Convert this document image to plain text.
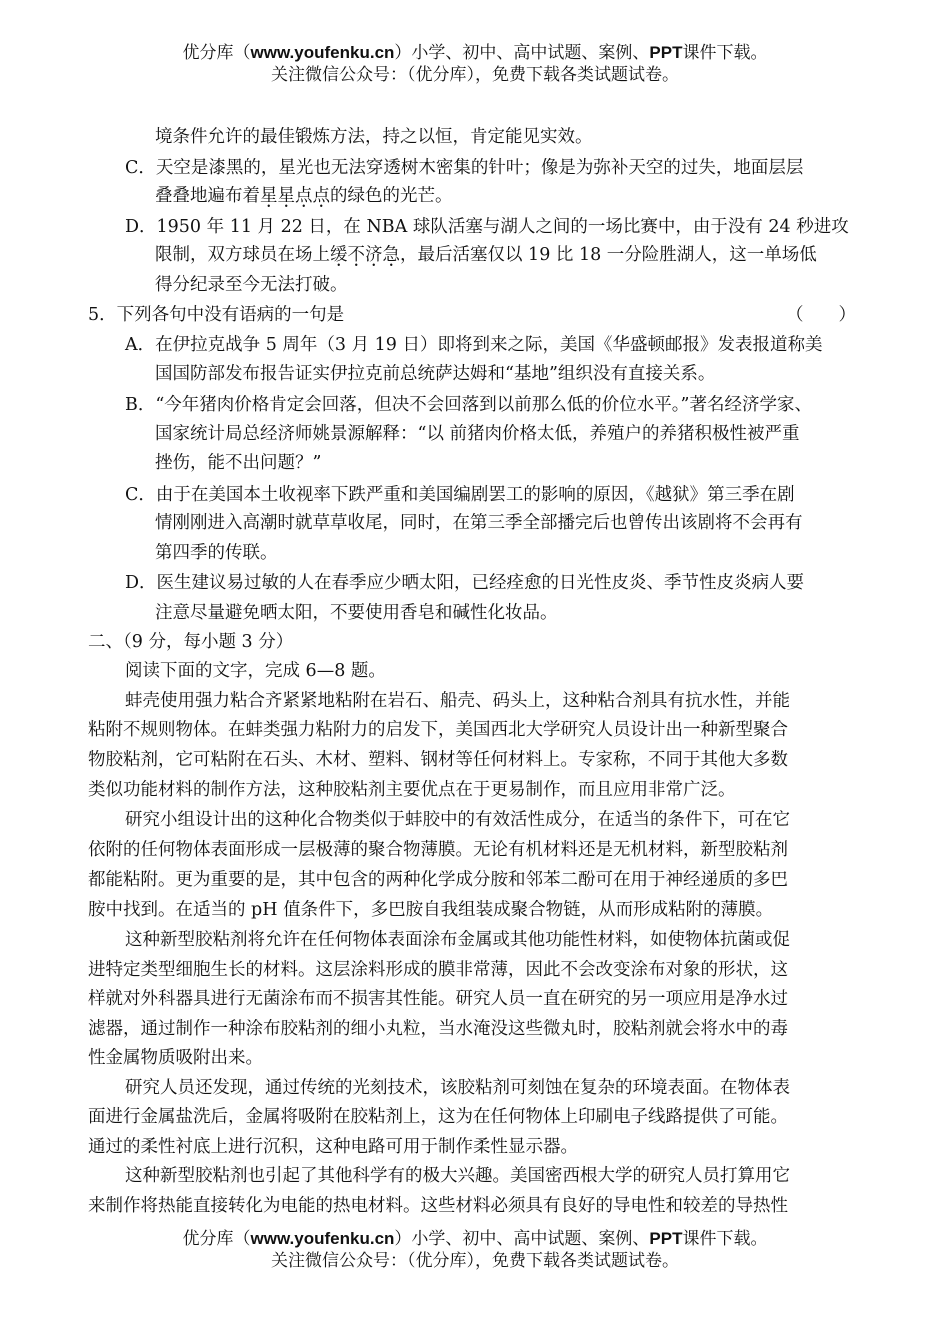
优分库（www.youfenku.cn）小学、初中、高中试题、案例、PPT课件下载。
关注微信公众号：（优分库），免费下载各类试题试卷。
境条件允许的最佳锻炼方法，持之以恒，肯定能见实效。
C．天空是漆黑的，星光也无法穿透树木密集的针叶；像是为弥补天空的过失，地面层层
叠叠地遍布着星星点点的绿色的光芒。
D．1950 年 11 月 22 日，在 NBA 球队活塞与湖人之间的一场比赛中，由于没有 24 秒进攻
限制，双方球员在场上缓不济急，最后活塞仅以 19 比 18 一分险胜湖人，这一单场低
得分纪录至今无法打破。
5．下列各句中没有语病的一句是	（　　）
A．在伊拉克战争 5 周年（3 月 19 日）即将到来之际，美国《华盛顿邮报》发表报道称美
国国防部发布报告证实伊拉克前总统萨达姆和“基地”组织没有直接关系。
B．“今年猪肉价格肯定会回落，但决不会回落到以前那么低的价位水平。”著名经济学家、
国家统计局总经济师姚景源解释：“以 前猪肉价格太低，养殖户的养猪积极性被严重
挫伤，能不出问题？”
C．由于在美国本土收视率下跌严重和美国编剧罢工的影响的原因，《越狱》第三季在剧
情刚刚进入高潮时就草草收尾，同时，在第三季全部播完后也曾传出该剧将不会再有
第四季的传联。
D．医生建议易过敏的人在春季应少晒太阳，已经痊愈的日光性皮炎、季节性皮炎病人要
注意尽量避免晒太阳，不要使用香皂和碱性化妆品。
二、（9 分，每小题 3 分）
阅读下面的文字，完成 6—8 题。
蚌壳使用强力粘合齐紧紧地粘附在岩石、船壳、码头上，这种粘合剂具有抗水性，并能
粘附不规则物体。在蚌类强力粘附力的启发下，美国西北大学研究人员设计出一种新型聚合
物胶粘剂，它可粘附在石头、木材、塑料、钢材等任何材料上。专家称，不同于其他大多数
类似功能材料的制作方法，这种胶粘剂主要优点在于更易制作，而且应用非常广泛。
研究小组设计出的这种化合物类似于蚌胶中的有效活性成分，在适当的条件下，可在它
依附的任何物体表面形成一层极薄的聚合物薄膜。无论有机材料还是无机材料，新型胶粘剂
都能粘附。更为重要的是，其中包含的两种化学成分胺和邻苯二酚可在用于神经递质的多巴
胺中找到。在适当的 pH 值条件下，多巴胺自我组装成聚合物链，从而形成粘附的薄膜。
这种新型胶粘剂将允许在任何物体表面涂布金属或其他功能性材料，如使物体抗菌或促
进特定类型细胞生长的材料。这层涂料形成的膜非常薄，因此不会改变涂布对象的形状，这
样就对外科器具进行无菌涂布而不损害其性能。研究人员一直在研究的另一项应用是净水过
滤器，通过制作一种涂布胶粘剂的细小丸粒，当水淹没这些微丸时，胶粘剂就会将水中的毒
性金属物质吸附出来。
研究人员还发现，通过传统的光刻技术，该胶粘剂可刻蚀在复杂的环境表面。在物体表
面进行金属盐洗后，金属将吸附在胶粘剂上，这为在任何物体上印刷电子线路提供了可能。
通过的柔性衬底上进行沉积，这种电路可用于制作柔性显示器。
这种新型胶粘剂也引起了其他科学有的极大兴趣。美国密西根大学的研究人员打算用它
来制作将热能直接转化为电能的热电材料。这些材料必须具有良好的导电性和较差的导热性
优分库（www.youfenku.cn）小学、初中、高中试题、案例、PPT课件下载。
关注微信公众号：（优分库），免费下载各类试题试卷。
